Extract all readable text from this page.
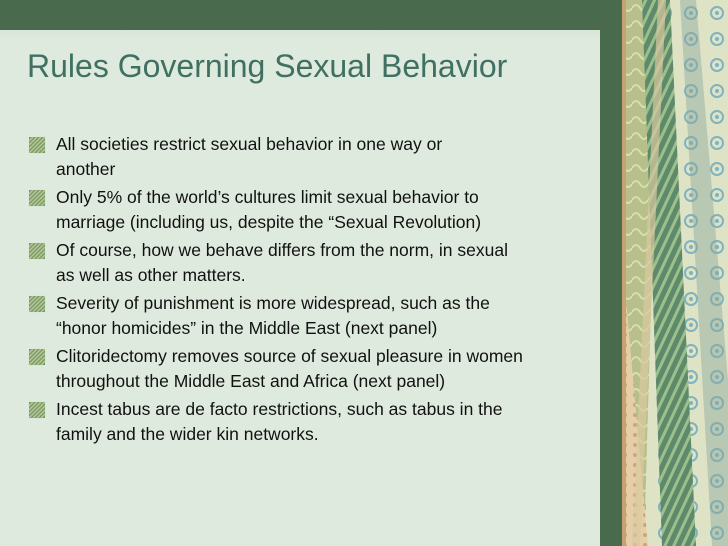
Rules Governing Sexual Behavior
All societies restrict sexual behavior in one way or
another
Only 5% of the world’s cultures limit sexual behavior to
marriage (including us, despite the “Sexual Revolution)
Of course, how we behave differs from the norm, in sexual
as well as other matters.
Severity of punishment is more widespread, such as the
“honor homicides” in the Middle East (next panel)
Clitoridectomy removes source of sexual pleasure in women
throughout the Middle East and Africa (next panel)
Incest tabus are de facto restrictions, such as tabus in the
family and the wider kin networks.
